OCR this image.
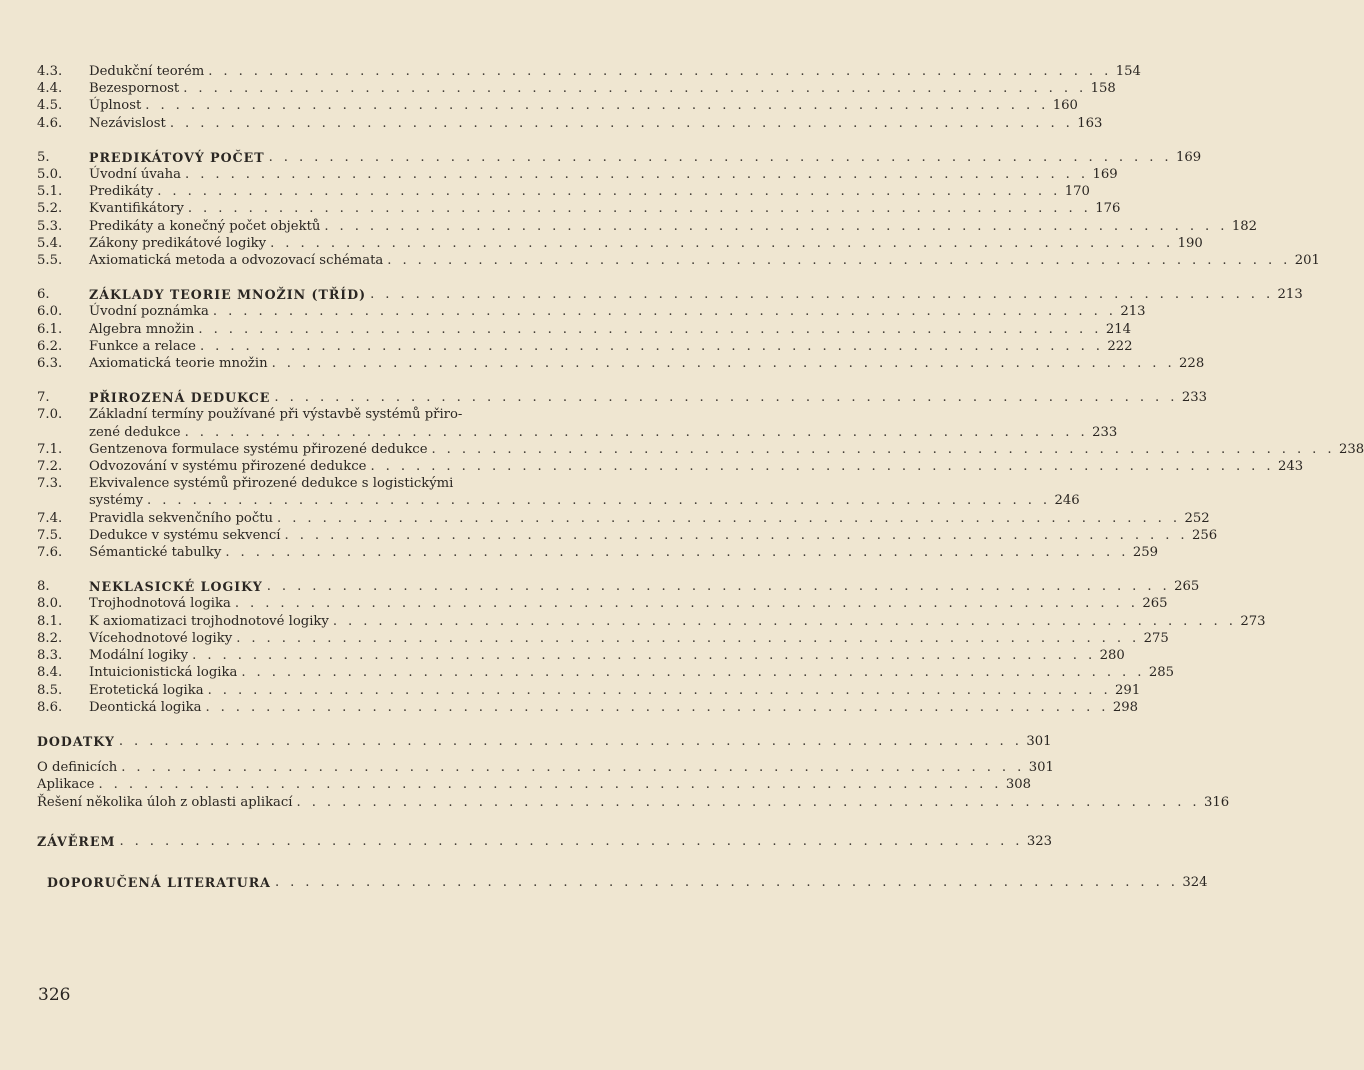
4.3.	Dedukční teorém . . . . . . . . . . . . . . . . . . . . . . . . . . . . . . . . . . . . . . . . . . . . . . . . . . . . . . . . . . . . 154
4.4.	Bezespornost . . . . . . . . . . . . . . . . . . . . . . . . . . . . . . . . . . . . . . . . . . . . . . . . . . . . . . . . . . . . 158
4.5.	Úplnost . . . . . . . . . . . . . . . . . . . . . . . . . . . . . . . . . . . . . . . . . . . . . . . . . . . . . . . . . . . . 160
4.6.	Nezávislost . . . . . . . . . . . . . . . . . . . . . . . . . . . . . . . . . . . . . . . . . . . . . . . . . . . . . . . . . . . . 163
5.	PREDIKÁTOVÝ POČET . . . . . . . . . . . . . . . . . . . . . . . . . . . . . . . . . . . . . . . . . . . . . . . . . . . . . . . . . . . . 169
5.0.	Úvodní úvaha . . . . . . . . . . . . . . . . . . . . . . . . . . . . . . . . . . . . . . . . . . . . . . . . . . . . . . . . . . . . 169
5.1.	Predikáty . . . . . . . . . . . . . . . . . . . . . . . . . . . . . . . . . . . . . . . . . . . . . . . . . . . . . . . . . . . . 170
5.2.	Kvantifikátory . . . . . . . . . . . . . . . . . . . . . . . . . . . . . . . . . . . . . . . . . . . . . . . . . . . . . . . . . . . . 176
5.3.	Predikáty a konečný počet objektů . . . . . . . . . . . . . . . . . . . . . . . . . . . . . . . . . . . . . . . . . . . . . . . . . . . . . . . . . . . . 182
5.4.	Zákony predikátové logiky . . . . . . . . . . . . . . . . . . . . . . . . . . . . . . . . . . . . . . . . . . . . . . . . . . . . . . . . . . . . 190
5.5.	Axiomatická metoda a odvozovací schémata . . . . . . . . . . . . . . . . . . . . . . . . . . . . . . . . . . . . . . . . . . . . . . . . . . . . . . . . . . . . 201
6.	ZÁKLADY TEORIE MNOŽIN (TŘÍD) . . . . . . . . . . . . . . . . . . . . . . . . . . . . . . . . . . . . . . . . . . . . . . . . . . . . . . . . . . . . 213
6.0.	Úvodní poznámka . . . . . . . . . . . . . . . . . . . . . . . . . . . . . . . . . . . . . . . . . . . . . . . . . . . . . . . . . . . . 213
6.1.	Algebra množin . . . . . . . . . . . . . . . . . . . . . . . . . . . . . . . . . . . . . . . . . . . . . . . . . . . . . . . . . . . . 214
6.2.	Funkce a relace . . . . . . . . . . . . . . . . . . . . . . . . . . . . . . . . . . . . . . . . . . . . . . . . . . . . . . . . . . . . 222
6.3.	Axiomatická teorie množin . . . . . . . . . . . . . . . . . . . . . . . . . . . . . . . . . . . . . . . . . . . . . . . . . . . . . . . . . . . . 228
7.	PŘIROZENÁ DEDUKCE . . . . . . . . . . . . . . . . . . . . . . . . . . . . . . . . . . . . . . . . . . . . . . . . . . . . . . . . . . . . 233
7.0.	Základní termíny používané při výstavbě systémů přiro-
zené dedukce . . . . . . . . . . . . . . . . . . . . . . . . . . . . . . . . . . . . . . . . . . . . . . . . . . . . . . . . . . . . 233
7.1.	Gentzenova formulace systému přirozené dedukce . . . . . . . . . . . . . . . . . . . . . . . . . . . . . . . . . . . . . . . . . . . . . . . . . . . . . . . . . . . . 238
7.2.	Odvozování v systému přirozené dedukce . . . . . . . . . . . . . . . . . . . . . . . . . . . . . . . . . . . . . . . . . . . . . . . . . . . . . . . . . . . . 243
7.3.	Ekvivalence systémů přirozené dedukce s logistickými
systémy . . . . . . . . . . . . . . . . . . . . . . . . . . . . . . . . . . . . . . . . . . . . . . . . . . . . . . . . . . . . 246
7.4.	Pravidla sekvenčního počtu . . . . . . . . . . . . . . . . . . . . . . . . . . . . . . . . . . . . . . . . . . . . . . . . . . . . . . . . . . . . 252
7.5.	Dedukce v systému sekvencí . . . . . . . . . . . . . . . . . . . . . . . . . . . . . . . . . . . . . . . . . . . . . . . . . . . . . . . . . . . . 256
7.6.	Sémantické tabulky . . . . . . . . . . . . . . . . . . . . . . . . . . . . . . . . . . . . . . . . . . . . . . . . . . . . . . . . . . . . 259
8.	NEKLASICKÉ LOGIKY . . . . . . . . . . . . . . . . . . . . . . . . . . . . . . . . . . . . . . . . . . . . . . . . . . . . . . . . . . . . 265
8.0.	Trojhodnotová logika . . . . . . . . . . . . . . . . . . . . . . . . . . . . . . . . . . . . . . . . . . . . . . . . . . . . . . . . . . . . 265
8.1.	K axiomatizaci trojhodnotové logiky . . . . . . . . . . . . . . . . . . . . . . . . . . . . . . . . . . . . . . . . . . . . . . . . . . . . . . . . . . . . 273
8.2.	Vícehodnotové logiky . . . . . . . . . . . . . . . . . . . . . . . . . . . . . . . . . . . . . . . . . . . . . . . . . . . . . . . . . . . . 275
8.3.	Modální logiky . . . . . . . . . . . . . . . . . . . . . . . . . . . . . . . . . . . . . . . . . . . . . . . . . . . . . . . . . . . . 280
8.4.	Intuicionistická logika . . . . . . . . . . . . . . . . . . . . . . . . . . . . . . . . . . . . . . . . . . . . . . . . . . . . . . . . . . . . 285
8.5.	Erotetická logika . . . . . . . . . . . . . . . . . . . . . . . . . . . . . . . . . . . . . . . . . . . . . . . . . . . . . . . . . . . . 291
8.6.	Deontická logika . . . . . . . . . . . . . . . . . . . . . . . . . . . . . . . . . . . . . . . . . . . . . . . . . . . . . . . . . . . . 298
DODATKY . . . . . . . . . . . . . . . . . . . . . . . . . . . . . . . . . . . . . . . . . . . . . . . . . . . . . . . . . . . . 301
O definicích . . . . . . . . . . . . . . . . . . . . . . . . . . . . . . . . . . . . . . . . . . . . . . . . . . . . . . . . . . . . 301
Aplikace . . . . . . . . . . . . . . . . . . . . . . . . . . . . . . . . . . . . . . . . . . . . . . . . . . . . . . . . . . . . 308
Řešení několika úloh z oblasti aplikací . . . . . . . . . . . . . . . . . . . . . . . . . . . . . . . . . . . . . . . . . . . . . . . . . . . . . . . . . . . . 316
ZÁVĚREM . . . . . . . . . . . . . . . . . . . . . . . . . . . . . . . . . . . . . . . . . . . . . . . . . . . . . . . . . . . . 323
DOPORUČENÁ LITERATURA . . . . . . . . . . . . . . . . . . . . . . . . . . . . . . . . . . . . . . . . . . . . . . . . . . . . . . . . . . . . 324
326
